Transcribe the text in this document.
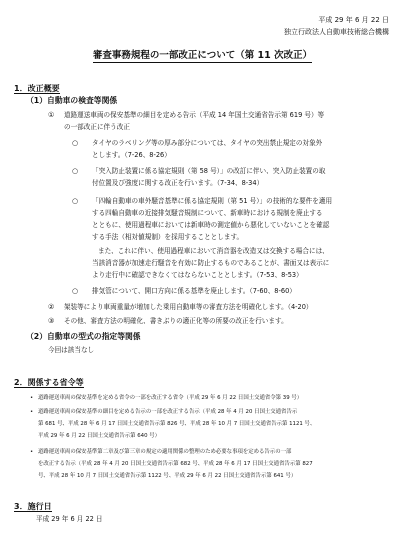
平成 29 年 6 月 22 日
独立行政法人自動車技術総合機構
審査事務規程の一部改正について（第 11 次改正）
1．改正概要
（1）自動車の検査等関係
① 道路運送車両の保安基準の細目を定める告示（平成 14 年国土交通省告示第 619 号）等
の一部改正に伴う改正
○ タイヤのラベリング等の厚み部分については、タイヤの突出禁止規定の対象外
とします。（7-26、8-26）
○ 「突入防止装置に係る協定規則（第 58 号）」の改訂に伴い、突入防止装置の取
付位置及び強度に関する改正を行います。（7-34、8-34）
○ 「四輪自動車の車外騒音基準に係る協定規則（第 51 号）」の技術的な要件を適用
する四輪自動車の近接排気騒音規制について、新車時における規制を廃止する
とともに、使用過程車においては新車時の測定値から悪化していないことを確認
する手法（相対値規制）を採用することとします。
また、これに伴い、使用過程車において消音器を改造又は交換する場合には、
当該消音器が加速走行騒音を有効に防止するものであることが、書面又は表示に
より走行中に確認できなくてはならないこととします。（7-53、8-53）
○ 排気管について、開口方向に係る基準を廃止します。（7-60、8-60）
② 架装等により車両重量が増加した乗用自動車等の審査方法を明確化します。（4-20）
③ その他、審査方法の明確化、書きぶりの適正化等の所要の改正を行います。
（2）自動車の型式の指定等関係
今回は該当なし
2．関係する省令等
• 道路運送車両の保安基準を定める省令の一部を改正する省令（平成 29 年 6 月 22 日国土交通省令第 39 号）
• 道路運送車両の保安基準の細目を定める告示の一部を改正する告示（平成 28 年 4 月 20 日国土交通省告示
第 681 号、平成 28 年 6 月 17 日国土交通省告示第 826 号、平成 28 年 10 月 7 日国土交通省告示第 1121 号、
平成 29 年 6 月 22 日国土交通省告示第 640 号）
• 道路運送車両の保安基準第二章及び第三章の規定の適用関係の整理のため必要な事項を定める告示の一部
を改正する告示（平成 28 年 4 月 20 日国土交通省告示第 682 号、平成 28 年 6 月 17 日国土交通省告示第 827
号、平成 28 年 10 月 7 日国土交通省告示第 1122 号、平成 29 年 6 月 22 日国土交通省告示第 641 号）
3．施行日
平成 29 年 6 月 22 日
